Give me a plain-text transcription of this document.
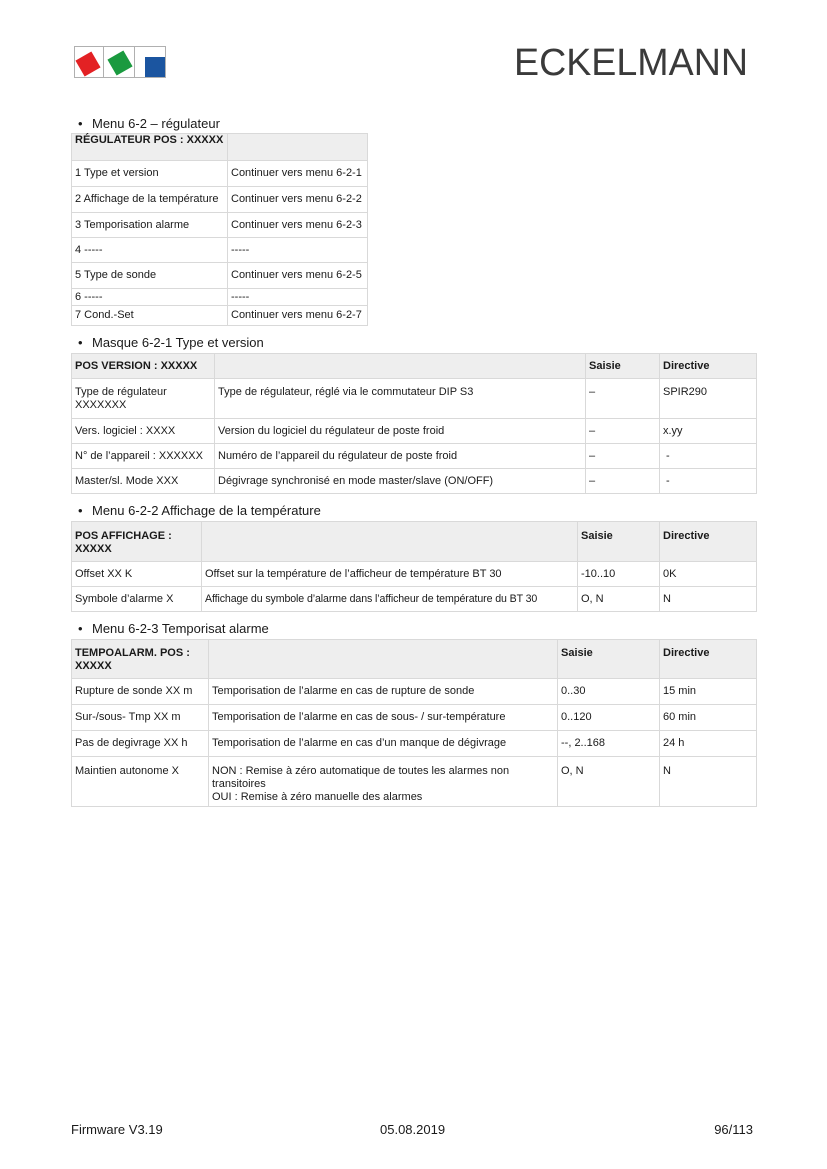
ECKELMANN
• Menu 6-2 – régulateur
RÉGULATEUR POS : XXXXX	
1 Type et version	Continuer vers menu 6-2-1
2 Affichage de la température	Continuer vers menu 6-2-2
3 Temporisation alarme	Continuer vers menu 6-2-3
4 -----	-----
5 Type de sonde	Continuer vers menu 6-2-5
6 -----	-----
7 Cond.-Set	Continuer vers menu 6-2-7
• Masque 6-2-1 Type et version
POS VERSION : XXXXX		Saisie	Directive
Type de régulateur XXXXXXX	Type de régulateur, réglé via le commutateur DIP S3	–	SPIR290
Vers. logiciel : XXXX	Version du logiciel du régulateur de poste froid	–	x.yy
N° de l’appareil : XXXXXX	Numéro de l’appareil du régulateur de poste froid	–	-
Master/sl. Mode XXX	Dégivrage synchronisé en mode master/slave (ON/OFF)	–	-
• Menu 6-2-2 Affichage de la température
POS AFFICHAGE : XXXXX		Saisie	Directive
Offset XX K	Offset sur la température de l’afficheur de température BT 30	-10..10	0K
Symbole d’alarme X	Affichage du symbole d’alarme dans l’afficheur de température du BT 30	O, N	N
• Menu 6-2-3 Temporisat alarme
TEMPOALARM. POS : XXXXX		Saisie	Directive
Rupture de sonde XX m	Temporisation de l’alarme en cas de rupture de sonde	0..30	15 min
Sur-/sous- Tmp XX m	Temporisation de l’alarme en cas de sous- / sur-température	0..120	60 min
Pas de degivrage XX h	Temporisation de l’alarme en cas d’un manque de dégivrage	--, 2..168	24 h
Maintien autonome X	NON : Remise à zéro automatique de toutes les alarmes non transitoires
OUI : Remise à zéro manuelle des alarmes	O, N	N
Firmware V3.19	05.08.2019	96/113
